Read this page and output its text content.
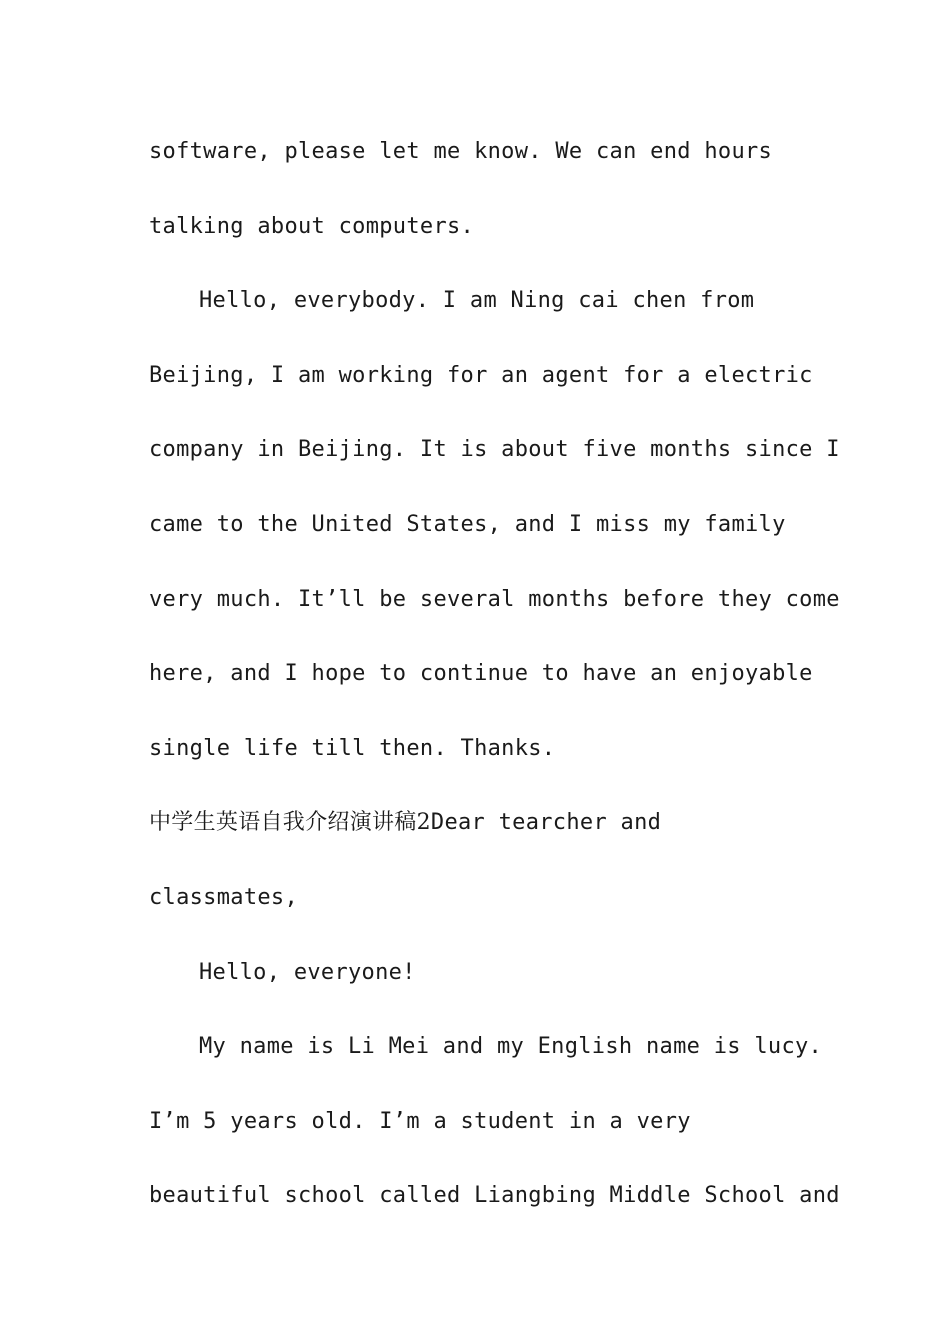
software, please let me know. We can end hours
talking about computers.
Hello, everybody. I am Ning cai chen from
Beijing, I am working for an agent for a electric
company in Beijing. It is about five months since I
came to the United States, and I miss my family
very much. It’ll be several months before they come
here, and I hope to continue to have an enjoyable
single life till then. Thanks.
中学生英语自我介绍演讲稿2Dear tearcher and
classmates,
Hello, everyone!
My name is Li Mei and my English name is lucy.
I’m 5 years old. I’m a student in a very
beautiful school called Liangbing Middle School and
